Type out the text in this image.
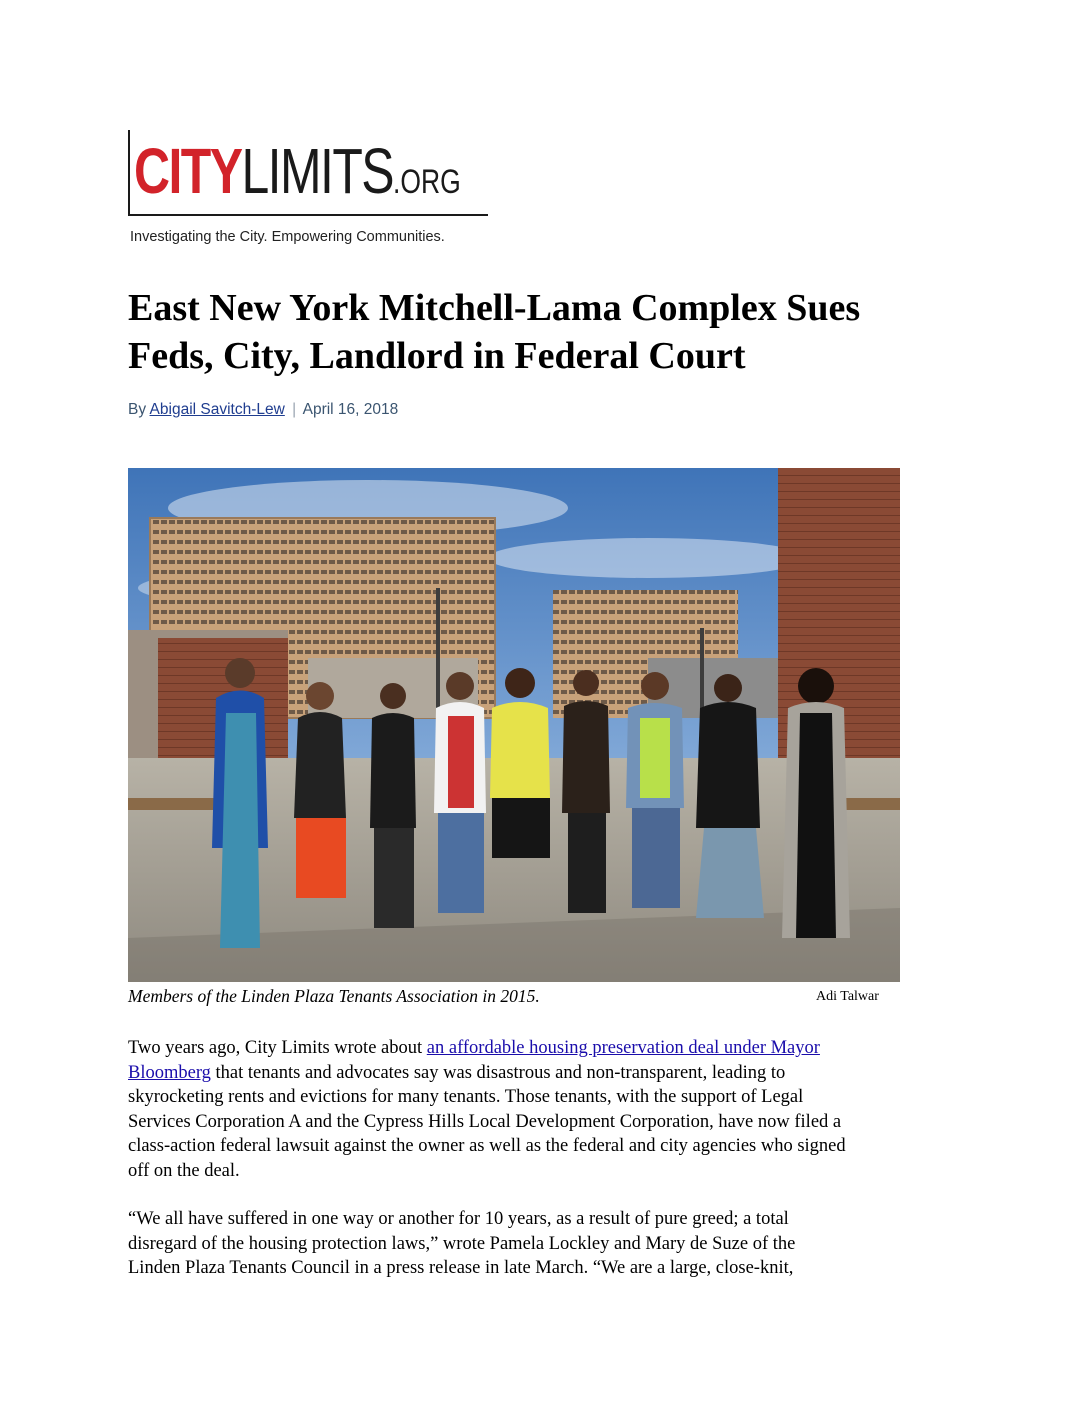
CITYLIMITS.ORG
Investigating the City. Empowering Communities.
East New York Mitchell-Lama Complex Sues
Feds, City, Landlord in Federal Court
By Abigail Savitch-Lew | April 16, 2018
Members of the Linden Plaza Tenants Association in 2015.	Adi Talwar
Two years ago, City Limits wrote about an affordable housing preservation deal under Mayor
Bloomberg that tenants and advocates say was disastrous and non-transparent, leading to
skyrocketing rents and evictions for many tenants. Those tenants, with the support of Legal
Services Corporation A and the Cypress Hills Local Development Corporation, have now filed a
class-action federal lawsuit against the owner as well as the federal and city agencies who signed
off on the deal.
“We all have suffered in one way or another for 10 years, as a result of pure greed; a total
disregard of the housing protection laws,” wrote Pamela Lockley and Mary de Suze of the
Linden Plaza Tenants Council in a press release in late March. “We are a large, close-knit,
